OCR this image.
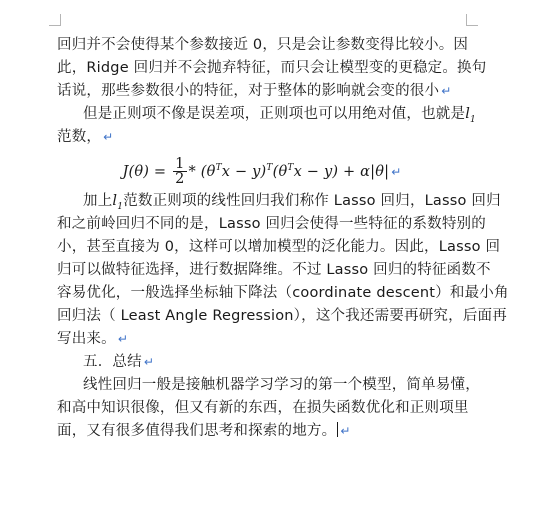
回归并不会使得某个参数接近 0，只是会让参数变得比较小。因
此，Ridge 回归并不会抛弃特征，而只会让模型变的更稳定。换句
话说，那些参数很小的特征，对于整体的影响就会变的很小 ↵
但是正则项不像是误差项，正则项也可以用绝对值，也就是$l_1$
范数， ↵
$J(\theta) = \frac{1}{2} * (\theta^Tx - y)^T(\theta^Tx - y) + \alpha|\theta|$ ↵
加上$l_1$范数正则项的线性回归我们称作 Lasso 回归，Lasso 回归
和之前岭回归不同的是，Lasso 回归会使得一些特征的系数特别的
小，甚至直接为 0，这样可以增加模型的泛化能力。因此，Lasso 回
归可以做特征选择，进行数据降维。不过 Lasso 回归的特征函数不
容易优化，一般选择坐标轴下降法（coordinate descent）和最小角
回归法（ Least Angle Regression），这个我还需要再研究，后面再
写出来。 ↵
五．总结 ↵
线性回归一般是接触机器学习学习的第一个模型，简单易懂，
和高中知识很像，但又有新的东西，在损失函数优化和正则项里
面，又有很多值得我们思考和探索的地方。 ↵
